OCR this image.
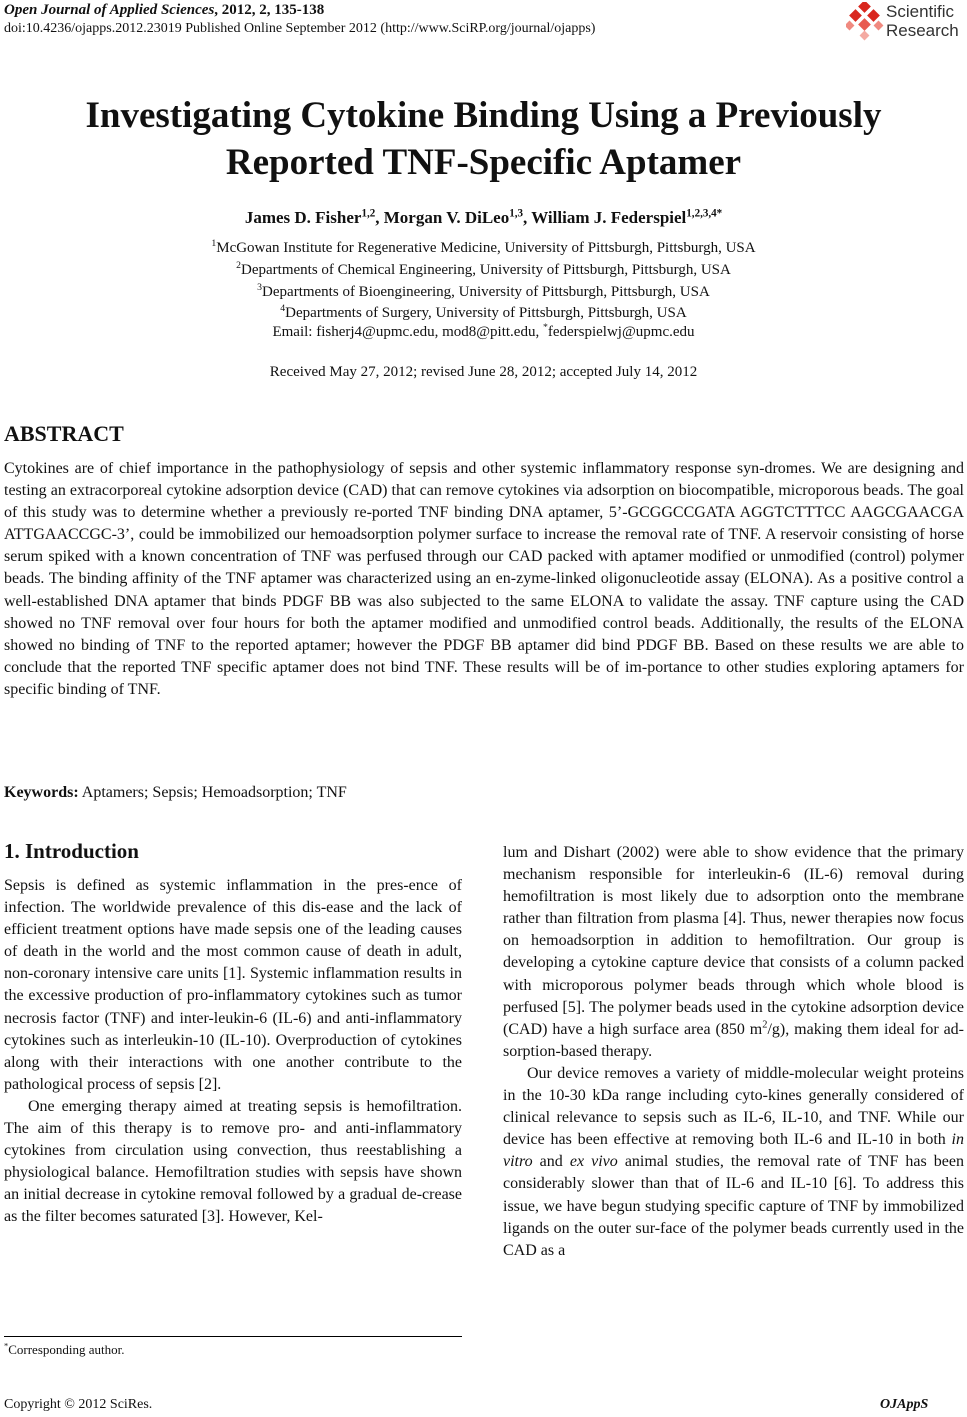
Open Journal of Applied Sciences, 2012, 2, 135-138
doi:10.4236/ojapps.2012.23019 Published Online September 2012 (http://www.SciRP.org/journal/ojapps)
Scientific
Research
Investigating Cytokine Binding Using a Previously
Reported TNF-Specific Aptamer
James D. Fisher$^{1,2}$, Morgan V. DiLeo$^{1,3}$, William J. Federspiel$^{1,2,3,4*}$
$^1$McGowan Institute for Regenerative Medicine, University of Pittsburgh, Pittsburgh, USA
$^2$Departments of Chemical Engineering, University of Pittsburgh, Pittsburgh, USA
$^3$Departments of Bioengineering, University of Pittsburgh, Pittsburgh, USA
$^4$Departments of Surgery, University of Pittsburgh, Pittsburgh, USA
Email: fisherj4@upmc.edu, mod8@pitt.edu, *federspielwj@upmc.edu
Received May 27, 2012; revised June 28, 2012; accepted July 14, 2012
ABSTRACT
Cytokines are of chief importance in the pathophysiology of sepsis and other systemic inflammatory response syn-dromes. We are designing and testing an extracorporeal cytokine adsorption device (CAD) that can remove cytokines via adsorption on biocompatible, microporous beads. The goal of this study was to determine whether a previously re-ported TNF binding DNA aptamer, 5’-GCGGCCGATA AGGTCTTTCC AAGCGAACGA ATTGAACCGC-3’, could be immobilized our hemoadsorption polymer surface to increase the removal rate of TNF. A reservoir consisting of horse serum spiked with a known concentration of TNF was perfused through our CAD packed with aptamer modified or unmodified (control) polymer beads. The binding affinity of the TNF aptamer was characterized using an en-zyme-linked oligonucleotide assay (ELONA). As a positive control a well-established DNA aptamer that binds PDGF BB was also subjected to the same ELONA to validate the assay. TNF capture using the CAD showed no TNF removal over four hours for both the aptamer modified and unmodified control beads. Additionally, the results of the ELONA showed no binding of TNF to the reported aptamer; however the PDGF BB aptamer did bind PDGF BB. Based on these results we are able to conclude that the reported TNF specific aptamer does not bind TNF. These results will be of im-portance to other studies exploring aptamers for specific binding of TNF.
Keywords: Aptamers; Sepsis; Hemoadsorption; TNF
1. Introduction

Sepsis is defined as systemic inflammation in the pres-ence of infection. The worldwide prevalence of this dis-ease and the lack of efficient treatment options have made sepsis one of the leading causes of death in the world and the most common cause of death in adult, non-coronary intensive care units [1]. Systemic inflammation results in the excessive production of pro-inflammatory cytokines such as tumor necrosis factor (TNF) and inter-leukin-6 (IL-6) and anti-inflammatory cytokines such as interleukin-10 (IL-10). Overproduction of cytokines along with their interactions with one another contribute to the pathological process of sepsis [2].

One emerging therapy aimed at treating sepsis is hemofiltration. The aim of this therapy is to remove pro- and anti-inflammatory cytokines from circulation using convection, thus reestablishing a physiological balance. Hemofiltration studies with sepsis have shown an initial decrease in cytokine removal followed by a gradual de-crease as the filter becomes saturated [3]. However, Kel-

lum and Dishart (2002) were able to show evidence that the primary mechanism responsible for interleukin-6 (IL-6) removal during hemofiltration is most likely due to adsorption onto the membrane rather than filtration from plasma [4]. Thus, newer therapies now focus on hemoadsorption in addition to hemofiltration. Our group is developing a cytokine capture device that consists of a column packed with microporous polymer beads through which whole blood is perfused [5]. The polymer beads used in the cytokine adsorption device (CAD) have a high surface area (850 $m^2/g$), making them ideal for ad-sorption-based therapy.

Our device removes a variety of middle-molecular weight proteins in the 10-30 kDa range including cyto-kines generally considered of clinical relevance to sepsis such as IL-6, IL-10, and TNF. While our device has been effective at removing both IL-6 and IL-10 in both in vitro and ex vivo animal studies, the removal rate of TNF has been considerably slower than that of IL-6 and IL-10 [6]. To address this issue, we have begun studying specific capture of TNF by immobilized ligands on the outer sur-face of the polymer beads currently used in the CAD as a

*Corresponding author.
Copyright © 2012 SciRes.	OJAppS
